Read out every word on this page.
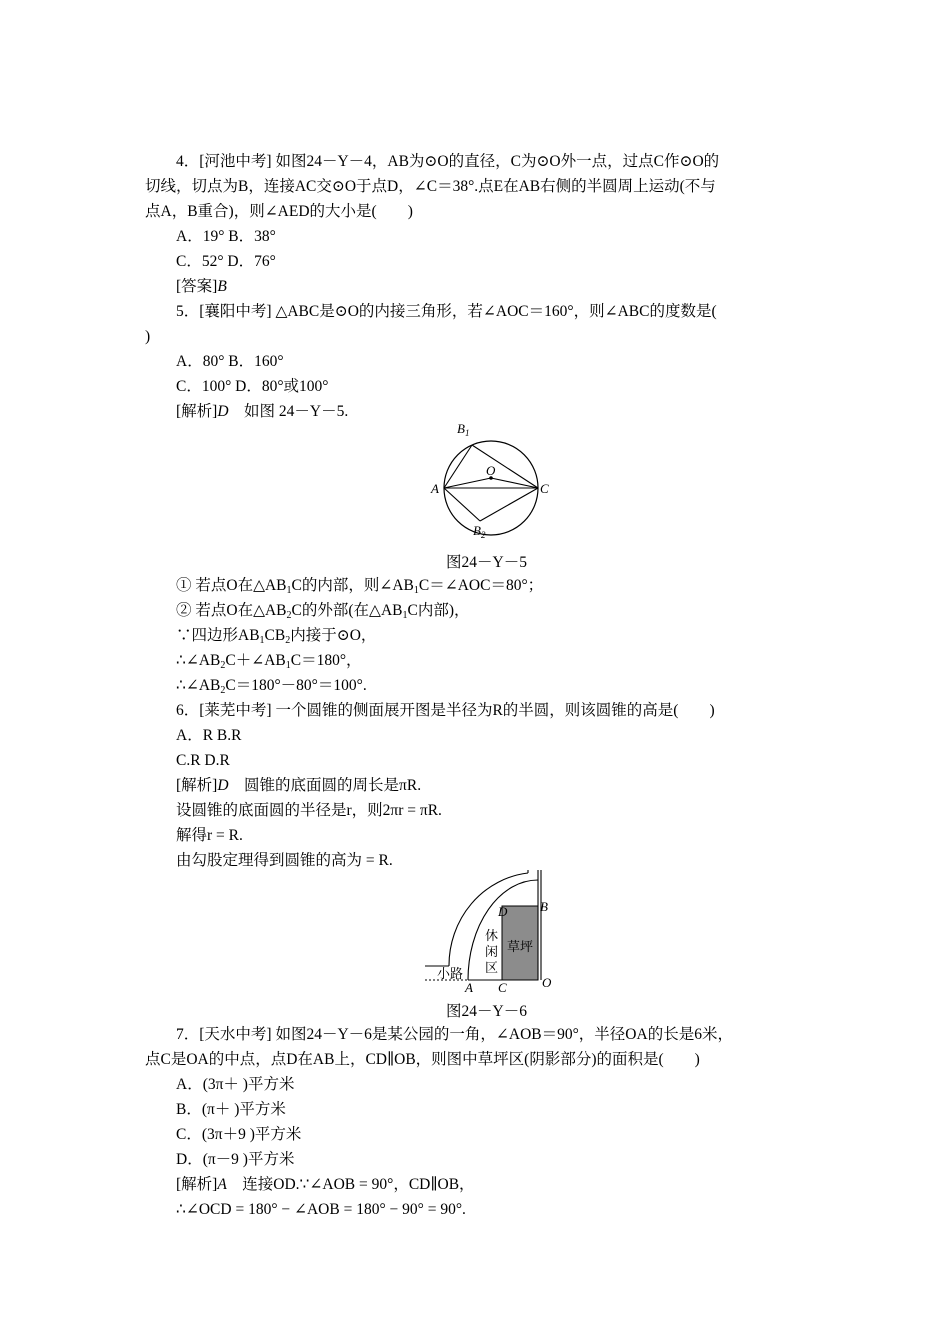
4．[河池中考] 如图24－Y－4，AB为⊙O的直径，C为⊙O外一点，过点C作⊙O的
切线，切点为B，连接AC交⊙O于点D，∠C＝38°.点E在AB右侧的半圆周上运动(不与
点A，B重合)，则∠AED的大小是(　　)
A．19° B．38°
C．52° D．76°
[答案]B
5．[襄阳中考] △ABC是⊙O的内接三角形，若∠AOC＝160°，则∠ABC的度数是(
)
A．80° B．160°
C．100° D．80°或100°
[解析]D　如图 24－Y－5.
$B_1$
O
A	C
$B_2$
图24－Y－5
① 若点O在$\triangle AB_1C$的内部，则$\angle AB_1C=\angle AOC=80^\circ$；
② 若点O在$\triangle AB_2C$的外部(在$\triangle AB_1C$内部)，
∵四边形$AB_1CB_2$内接于⊙O，
$\therefore\angle AB_2C+\angle AB_1C=180^\circ$，
$\therefore\angle AB_2C=180^\circ-80^\circ=100^\circ$.
6．[莱芜中考] 一个圆锥的侧面展开图是半径为R的半圆，则该圆锥的高是(　　)
A．R B.R
C.R D.R
[解析]D　圆锥的底面圆的周长是πR.
设圆锥的底面圆的半径是r，则2πr = πR.
解得r = R.
由勾股定理得到圆锥的高为 = R.
D	B
休 闲 区
草坪
小路
A C	O
图24－Y－6
7．[天水中考] 如图24－Y－6是某公园的一角，∠AOB＝90°，半径OA的长是6米，
点C是OA的中点，点D在AB上，CD∥OB，则图中草坪区(阴影部分)的面积是(　　)
A．(3π＋ )平方米
B．(π＋ )平方米
C．(3π＋9 )平方米
D．(π－9 )平方米
[解析]A　连接OD.∵∠AOB = 90°，CD∥OB，
∴∠OCD = 180° − ∠AOB = 180° − 90° = 90°.
